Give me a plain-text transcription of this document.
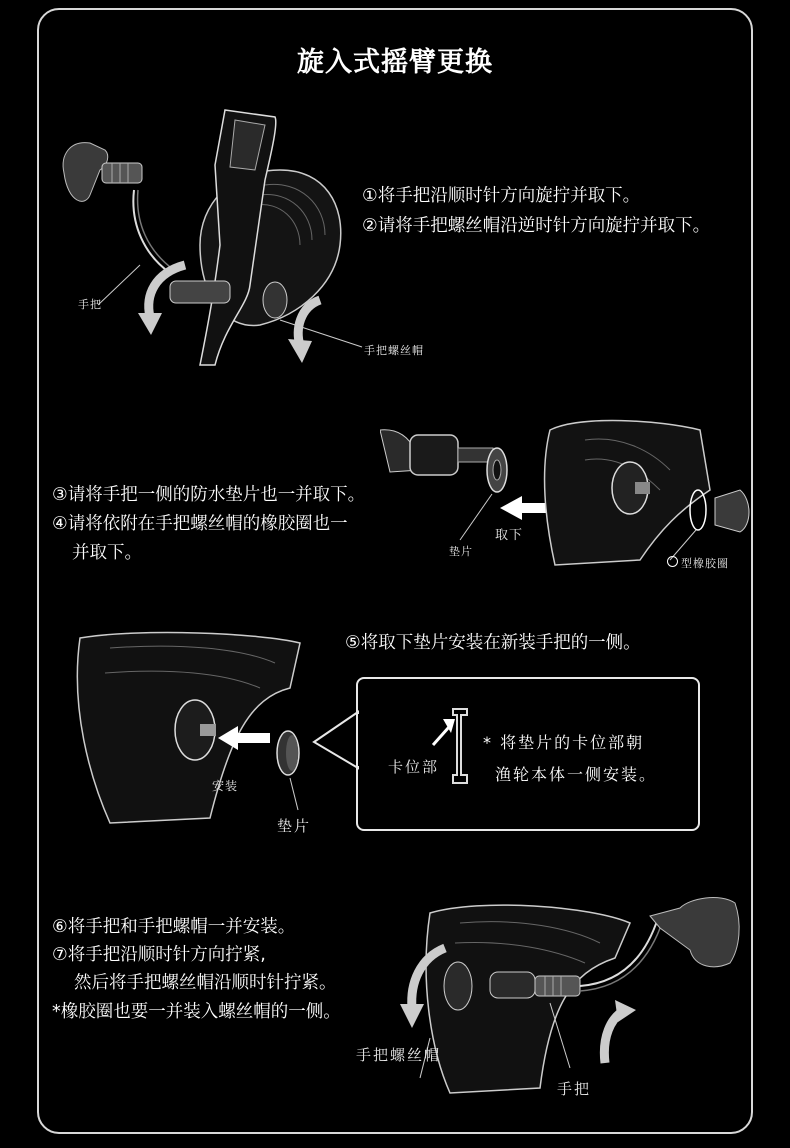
旋入式摇臂更换
手把
手把螺丝帽
①将手把沿顺时针方向旋拧并取下。
②请将手把螺丝帽沿逆时针方向旋拧并取下。
垫片
取下
型橡胶圈
③请将手把一侧的防水垫片也一并取下。
④请将依附在手把螺丝帽的橡胶圈也一
并取下。
安装
垫片
⑤将取下垫片安装在新装手把的一侧。
卡位部
* 将垫片的卡位部朝
渔轮本体一侧安装。
⑥将手把和手把螺帽一并安装。
⑦将手把沿顺时针方向拧紧,
然后将手把螺丝帽沿顺时针拧紧。
*橡胶圈也要一并装入螺丝帽的一侧。
手把螺丝帽
手把
